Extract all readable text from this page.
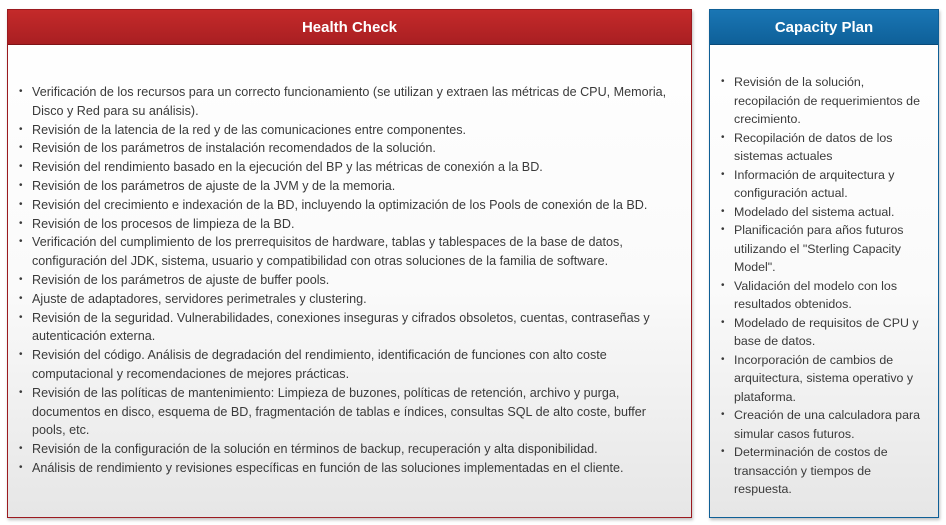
Health Check
• Verificación de los recursos para un correcto funcionamiento (se utilizan y extraen las métricas de CPU, Memoria, Disco y Red para su análisis).
• Revisión de la latencia de la red y de las comunicaciones entre componentes.
• Revisión de los parámetros de instalación recomendados de la solución.
• Revisión del rendimiento basado en la ejecución del BP y las métricas de conexión a la BD.
• Revisión de los parámetros de ajuste de la JVM y de la memoria.
• Revisión del crecimiento e indexación de la BD, incluyendo la optimización de los Pools de conexión de la BD.
• Revisión de los procesos de limpieza de la BD.
• Verificación del cumplimiento de los prerrequisitos de hardware, tablas y tablespaces de la base de datos, configuración del JDK, sistema, usuario y compatibilidad con otras soluciones de la familia de software.
• Revisión de los parámetros de ajuste de buffer pools.
• Ajuste de adaptadores, servidores perimetrales y clustering.
• Revisión de la seguridad. Vulnerabilidades, conexiones inseguras y cifrados obsoletos, cuentas, contraseñas y autenticación externa.
• Revisión del código. Análisis de degradación del rendimiento, identificación de funciones con alto coste computacional y recomendaciones de mejores prácticas.
• Revisión de las políticas de mantenimiento: Limpieza de buzones, políticas de retención, archivo y purga, documentos en disco, esquema de BD, fragmentación de tablas e índices, consultas SQL de alto coste, buffer pools, etc.
• Revisión de la configuración de la solución en términos de backup, recuperación y alta disponibilidad.
• Análisis de rendimiento y revisiones específicas en función de las soluciones implementadas en el cliente.
Capacity Plan
• Revisión de la solución, recopilación de requerimientos de crecimiento.
• Recopilación de datos de los sistemas actuales
• Información de arquitectura y configuración actual.
• Modelado del sistema actual.
• Planificación para años futuros utilizando el "Sterling Capacity Model".
• Validación del modelo con los resultados obtenidos.
• Modelado de requisitos de CPU y base de datos.
• Incorporación de cambios de arquitectura, sistema operativo y plataforma.
• Creación de una calculadora para simular casos futuros.
• Determinación de costos de transacción y tiempos de respuesta.
